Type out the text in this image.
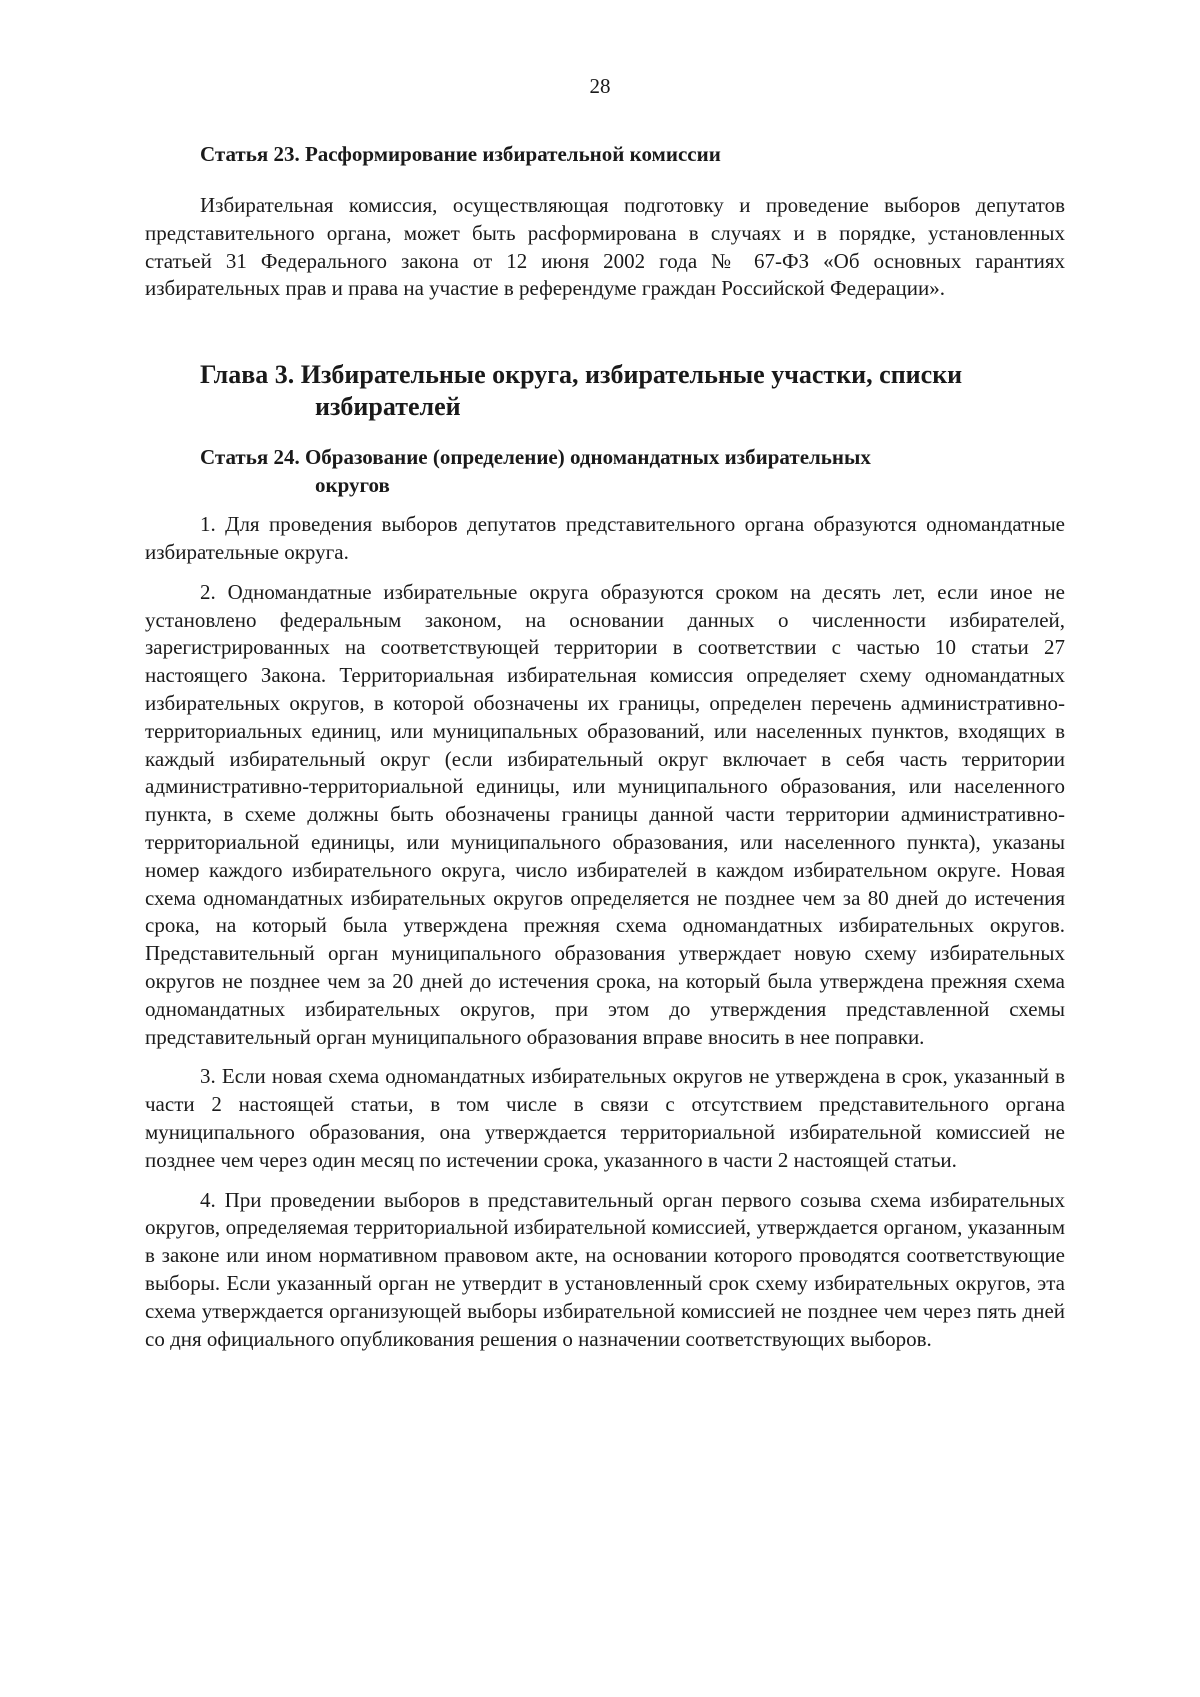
28
Статья 23. Расформирование избирательной комиссии

Избирательная комиссия, осуществляющая подготовку и проведение выборов депутатов представительного органа, может быть расформирована в случаях и в порядке, установленных статьей 31 Федерального закона от 12 июня 2002 года № 67-ФЗ «Об основных гарантиях избирательных прав и права на участие в референдуме граждан Российской Федерации».

Глава 3. Избирательные округа, избирательные участки, списки
избирателей
Статья 24. Образование (определение) одномандатных избирательных
округов

1. Для проведения выборов депутатов представительного органа образуются одномандатные избирательные округа.

2. Одномандатные избирательные округа образуются сроком на десять лет, если иное не установлено федеральным законом, на основании данных о численности избирателей, зарегистрированных на соответствующей территории в соответствии с частью 10 статьи 27 настоящего Закона. Территориальная избирательная комиссия определяет схему одномандатных избирательных округов, в которой обозначены их границы, определен перечень административно-территориальных единиц, или муниципальных образований, или населенных пунктов, входящих в каждый избирательный округ (если избирательный округ включает в себя часть территории административно-территориальной единицы, или муниципального образования, или населенного пункта, в схеме должны быть обозначены границы данной части территории административно-территориальной единицы, или муниципального образования, или населенного пункта), указаны номер каждого избирательного округа, число избирателей в каждом избирательном округе. Новая схема одномандатных избирательных округов определяется не позднее чем за 80 дней до истечения срока, на который была утверждена прежняя схема одномандатных избирательных округов. Представительный орган муниципального образования утверждает новую схему избирательных округов не позднее чем за 20 дней до истечения срока, на который была утверждена прежняя схема одномандатных избирательных округов, при этом до утверждения представленной схемы представительный орган муниципального образования вправе вносить в нее поправки.

3. Если новая схема одномандатных избирательных округов не утверждена в срок, указанный в части 2 настоящей статьи, в том числе в связи с отсутствием представительного органа муниципального образования, она утверждается территориальной избирательной комиссией не позднее чем через один месяц по истечении срока, указанного в части 2 настоящей статьи.

4. При проведении выборов в представительный орган первого созыва схема избирательных округов, определяемая территориальной избирательной комиссией, утверждается органом, указанным в законе или ином нормативном правовом акте, на основании которого проводятся соответствующие выборы. Если указанный орган не утвердит в установленный срок схему избирательных округов, эта схема утверждается организующей выборы избирательной комиссией не позднее чем через пять дней со дня официального опубликования решения о назначении соответствующих выборов.
